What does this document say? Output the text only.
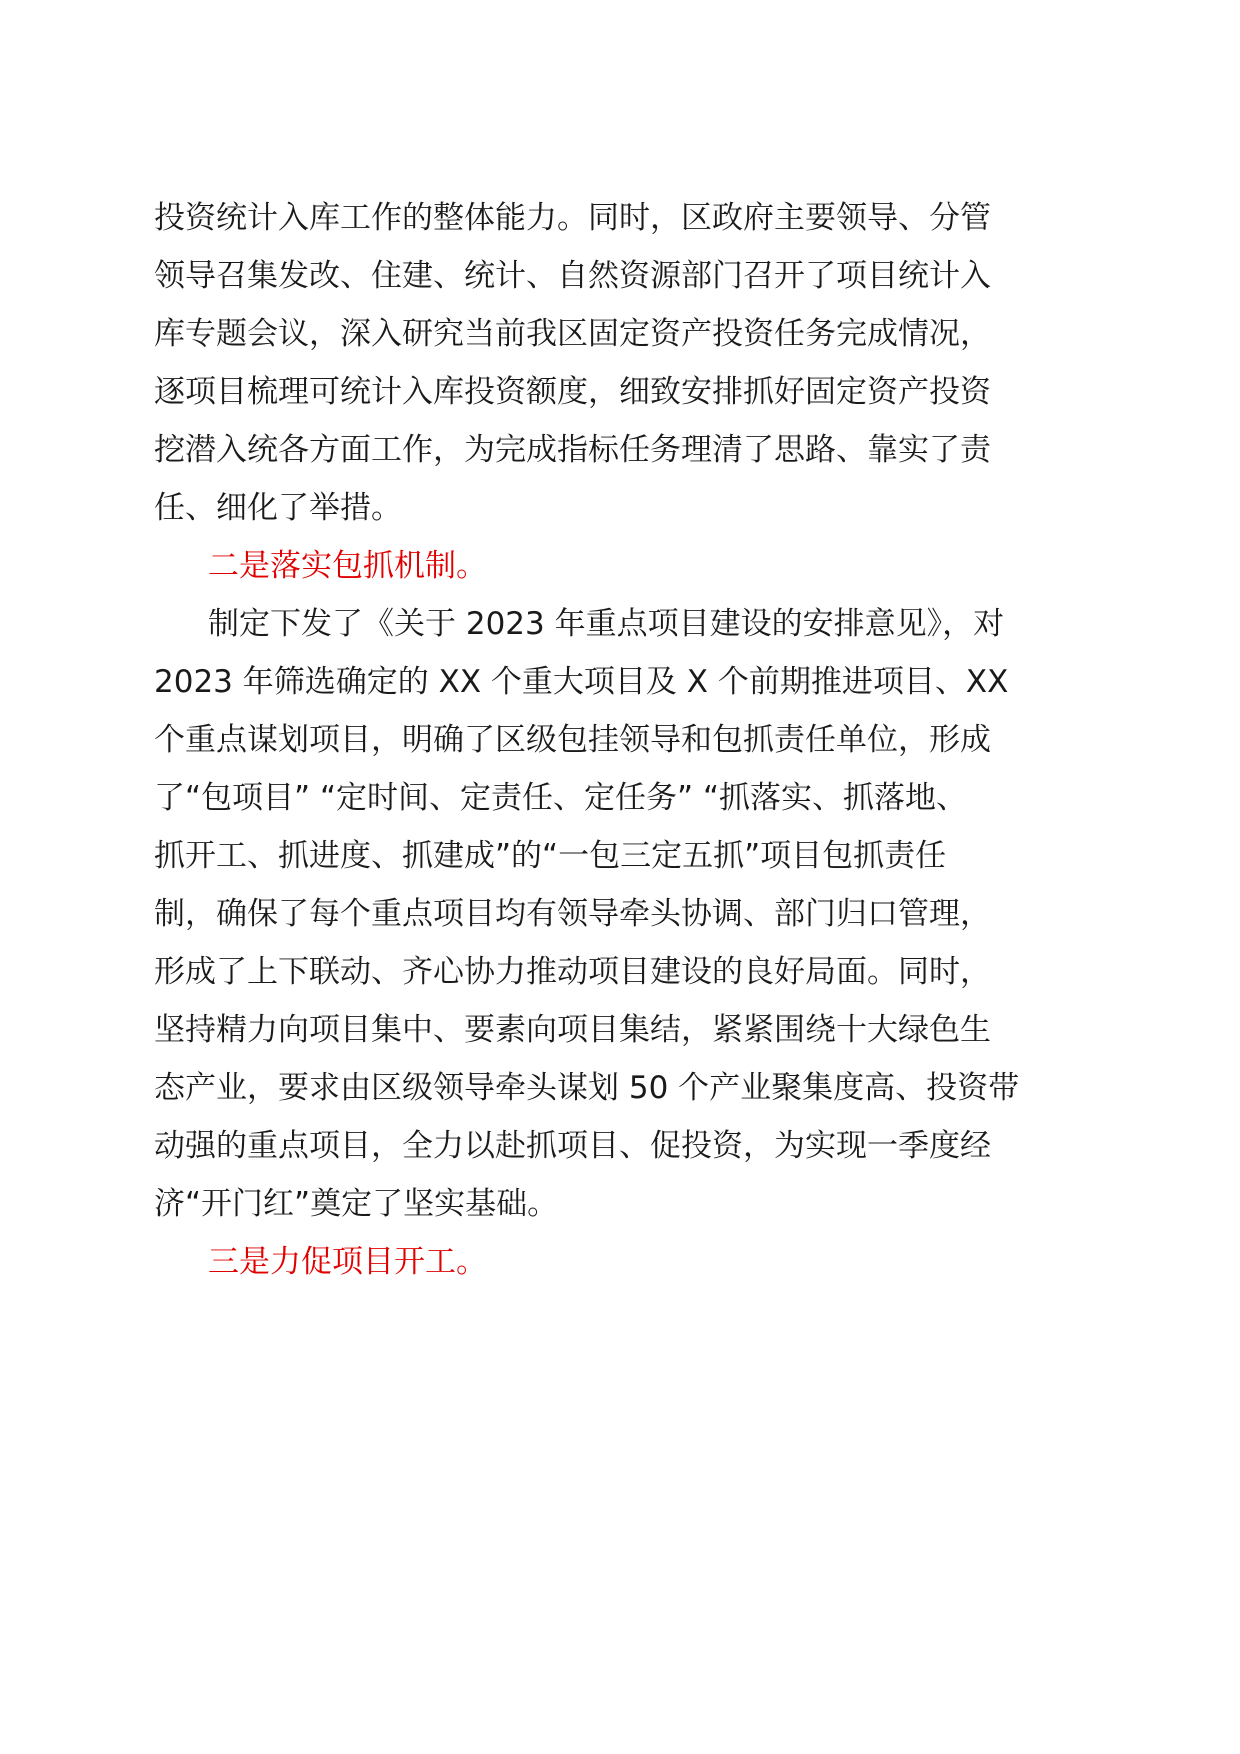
投资统计入库工作的整体能力。同时，区政府主要领导、分管
领导召集发改、住建、统计、自然资源部门召开了项目统计入
库专题会议，深入研究当前我区固定资产投资任务完成情况，
逐项目梳理可统计入库投资额度，细致安排抓好固定资产投资
挖潜入统各方面工作，为完成指标任务理清了思路、靠实了责
任、细化了举措。
二是落实包抓机制。
制定下发了《关于 2023 年重点项目建设的安排意见》，对
2023 年筛选确定的 XX 个重大项目及 X 个前期推进项目、XX
个重点谋划项目，明确了区级包挂领导和包抓责任单位，形成
了“包项目” “定时间、定责任、定任务” “抓落实、抓落地、
抓开工、抓进度、抓建成”的“一包三定五抓”项目包抓责任
制，确保了每个重点项目均有领导牵头协调、部门归口管理，
形成了上下联动、齐心协力推动项目建设的良好局面。同时，
坚持精力向项目集中、要素向项目集结，紧紧围绕十大绿色生
态产业，要求由区级领导牵头谋划 50 个产业聚集度高、投资带
动强的重点项目，全力以赴抓项目、促投资，为实现一季度经
济“开门红”奠定了坚实基础。
三是力促项目开工。
